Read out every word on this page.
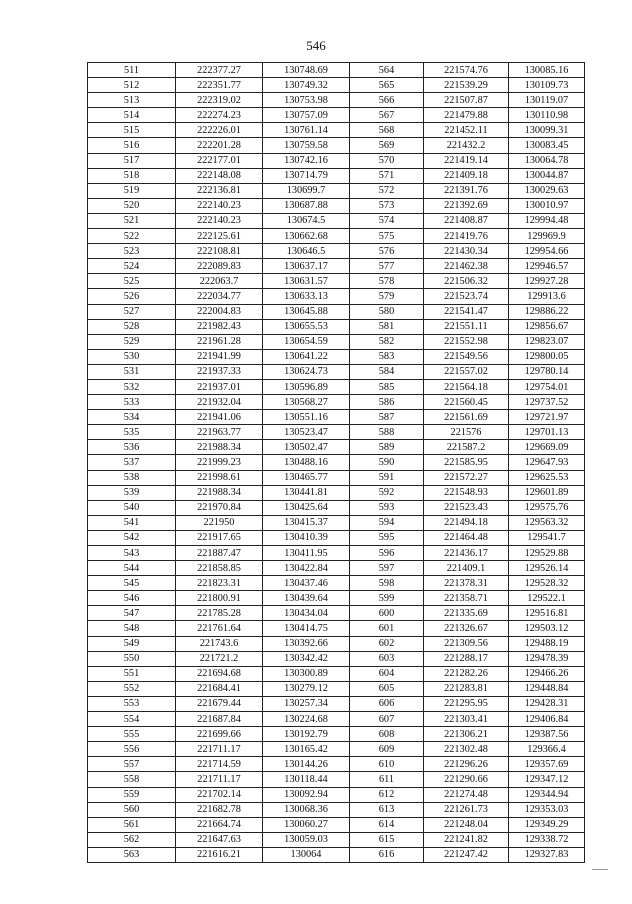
546
511	222377.27	130748.69	564	221574.76	130085.16
512	222351.77	130749.32	565	221539.29	130109.73
513	222319.02	130753.98	566	221507.87	130119.07
514	222274.23	130757.09	567	221479.88	130110.98
515	222226.01	130761.14	568	221452.11	130099.31
516	222201.28	130759.58	569	221432.2	130083.45
517	222177.01	130742.16	570	221419.14	130064.78
518	222148.08	130714.79	571	221409.18	130044.87
519	222136.81	130699.7	572	221391.76	130029.63
520	222140.23	130687.88	573	221392.69	130010.97
521	222140.23	130674.5	574	221408.87	129994.48
522	222125.61	130662.68	575	221419.76	129969.9
523	222108.81	130646.5	576	221430.34	129954.66
524	222089.83	130637.17	577	221462.38	129946.57
525	222063.7	130631.57	578	221506.32	129927.28
526	222034.77	130633.13	579	221523.74	129913.6
527	222004.83	130645.88	580	221541.47	129886.22
528	221982.43	130655.53	581	221551.11	129856.67
529	221961.28	130654.59	582	221552.98	129823.07
530	221941.99	130641.22	583	221549.56	129800.05
531	221937.33	130624.73	584	221557.02	129780.14
532	221937.01	130596.89	585	221564.18	129754.01
533	221932.04	130568.27	586	221560.45	129737.52
534	221941.06	130551.16	587	221561.69	129721.97
535	221963.77	130523.47	588	221576	129701.13
536	221988.34	130502.47	589	221587.2	129669.09
537	221999.23	130488.16	590	221585.95	129647.93
538	221998.61	130465.77	591	221572.27	129625.53
539	221988.34	130441.81	592	221548.93	129601.89
540	221970.84	130425.64	593	221523.43	129575.76
541	221950	130415.37	594	221494.18	129563.32
542	221917.65	130410.39	595	221464.48	129541.7
543	221887.47	130411.95	596	221436.17	129529.88
544	221858.85	130422.84	597	221409.1	129526.14
545	221823.31	130437.46	598	221378.31	129528.32
546	221800.91	130439.64	599	221358.71	129522.1
547	221785.28	130434.04	600	221335.69	129516.81
548	221761.64	130414.75	601	221326.67	129503.12
549	221743.6	130392.66	602	221309.56	129488.19
550	221721.2	130342.42	603	221288.17	129478.39
551	221694.68	130300.89	604	221282.26	129466.26
552	221684.41	130279.12	605	221283.81	129448.84
553	221679.44	130257.34	606	221295.95	129428.31
554	221687.84	130224.68	607	221303.41	129406.84
555	221699.66	130192.79	608	221306.21	129387.56
556	221711.17	130165.42	609	221302.48	129366.4
557	221714.59	130144.26	610	221296.26	129357.69
558	221711.17	130118.44	611	221290.66	129347.12
559	221702.14	130092.94	612	221274.48	129344.94
560	221682.78	130068.36	613	221261.73	129353.03
561	221664.74	130060.27	614	221248.04	129349.29
562	221647.63	130059.03	615	221241.82	129338.72
563	221616.21	130064	616	221247.42	129327.83
